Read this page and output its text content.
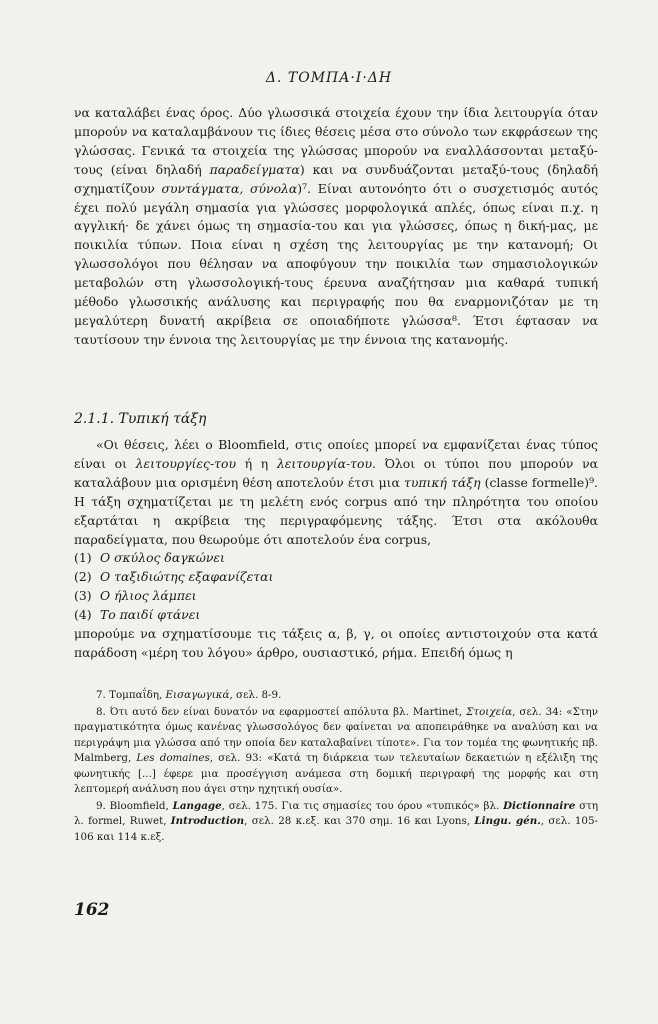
Δ. ΤΟΜΠΑ·Ι·ΔΗ

να καταλάβει ένας όρος. Δύο γλωσσικά στοιχεία έχουν την ίδια λειτουργία όταν μπορούν να καταλαμβάνουν τις ίδιες θέσεις μέσα στο σύνολο των εκφράσεων της γλώσσας. Γενικά τα στοιχεία της γλώσσας μπορούν να εναλλάσσονται μεταξύ-τους (είναι δηλαδή παραδείγματα) και να συνδυάζονται μεταξύ-τους (δηλαδή σχηματίζουν συντάγματα, σύνολα)⁷. Είναι αυτονόητο ότι ο συσχετισμός αυτός έχει πολύ μεγάλη σημασία για γλώσσες μορφολογικά απλές, όπως είναι π.χ. η αγγλική· δε χάνει όμως τη σημασία-του και για γλώσσες, όπως η δική-μας, με ποικιλία τύπων. Ποια είναι η σχέση της λειτουργίας με την κατανομή; Οι γλωσσολόγοι που θέλησαν να αποφύγουν την ποικιλία των σημασιολογικών μεταβολών στη γλωσσολογική-τους έρευνα αναζήτησαν μια καθαρά τυπική μέθοδο γλωσσικής ανάλυσης και περιγραφής που θα εναρμονιζόταν με τη μεγαλύτερη δυνατή ακρίβεια σε οποιαδήποτε γλώσσα⁸. Έτσι έφτασαν να ταυτίσουν την έννοια της λειτουργίας με την έννοια της κατανομής.

2.1.1. Τυπική τάξη

«Οι θέσεις, λέει ο Bloomfield, στις οποίες μπορεί να εμφανίζεται ένας τύπος είναι οι λειτουργίες-του ή η λειτουργία-του. Όλοι οι τύποι που μπορούν να καταλάβουν μια ορισμένη θέση αποτελούν έτσι μια τυπική τάξη (classe formelle)⁹. Η τάξη σχηματίζεται με τη μελέτη ενός corpus από την πληρότητα του οποίου εξαρτάται η ακρίβεια της περιγραφόμενης τάξης. Έτσι στα ακόλουθα παραδείγματα, που θεωρούμε ότι αποτελούν ένα corpus,

(1) Ο σκύλος δαγκώνει
(2) Ο ταξιδιώτης εξαφανίζεται
(3) Ο ήλιος λάμπει
(4) Το παιδί φτάνει

μπορούμε να σχηματίσουμε τις τάξεις α, β, γ, οι οποίες αντιστοιχούν στα κατά παράδοση «μέρη του λόγου» άρθρο, ουσιαστικό, ρήμα. Επειδή όμως η

7. Τομπαΐδη, Εισαγωγικά, σελ. 8-9.

8. Ότι αυτό δεν είναι δυνατόν να εφαρμοστεί απόλυτα βλ. Martinet, Στοιχεία, σελ. 34: «Στην πραγματικότητα όμως κανένας γλωσσολόγος δεν φαίνεται να αποπειράθηκε να αναλύση και να περιγράψη μια γλώσσα από την οποία δεν καταλαβαίνει τίποτε». Για τον τομέα της φωνητικής πβ. Malmberg, Les domaines, σελ. 93: «Κατά τη διάρκεια των τελευταίων δεκαετιών η εξέλιξη της φωνητικής [...] έφερε μια προσέγγιση ανάμεσα στη δομική περιγραφή της μορφής και στη λεπτομερή ανάλυση που άγει στην ηχητική ουσία».

9. Bloomfield, Langage, σελ. 175. Για τις σημασίες του όρου «τυπικός» βλ. Dictionnaire στη λ. formel, Ruwet, Introduction, σελ. 28 κ.εξ. και 370 σημ. 16 και Lyons, Lingu. gén., σελ. 105-106 και 114 κ.εξ.

162
